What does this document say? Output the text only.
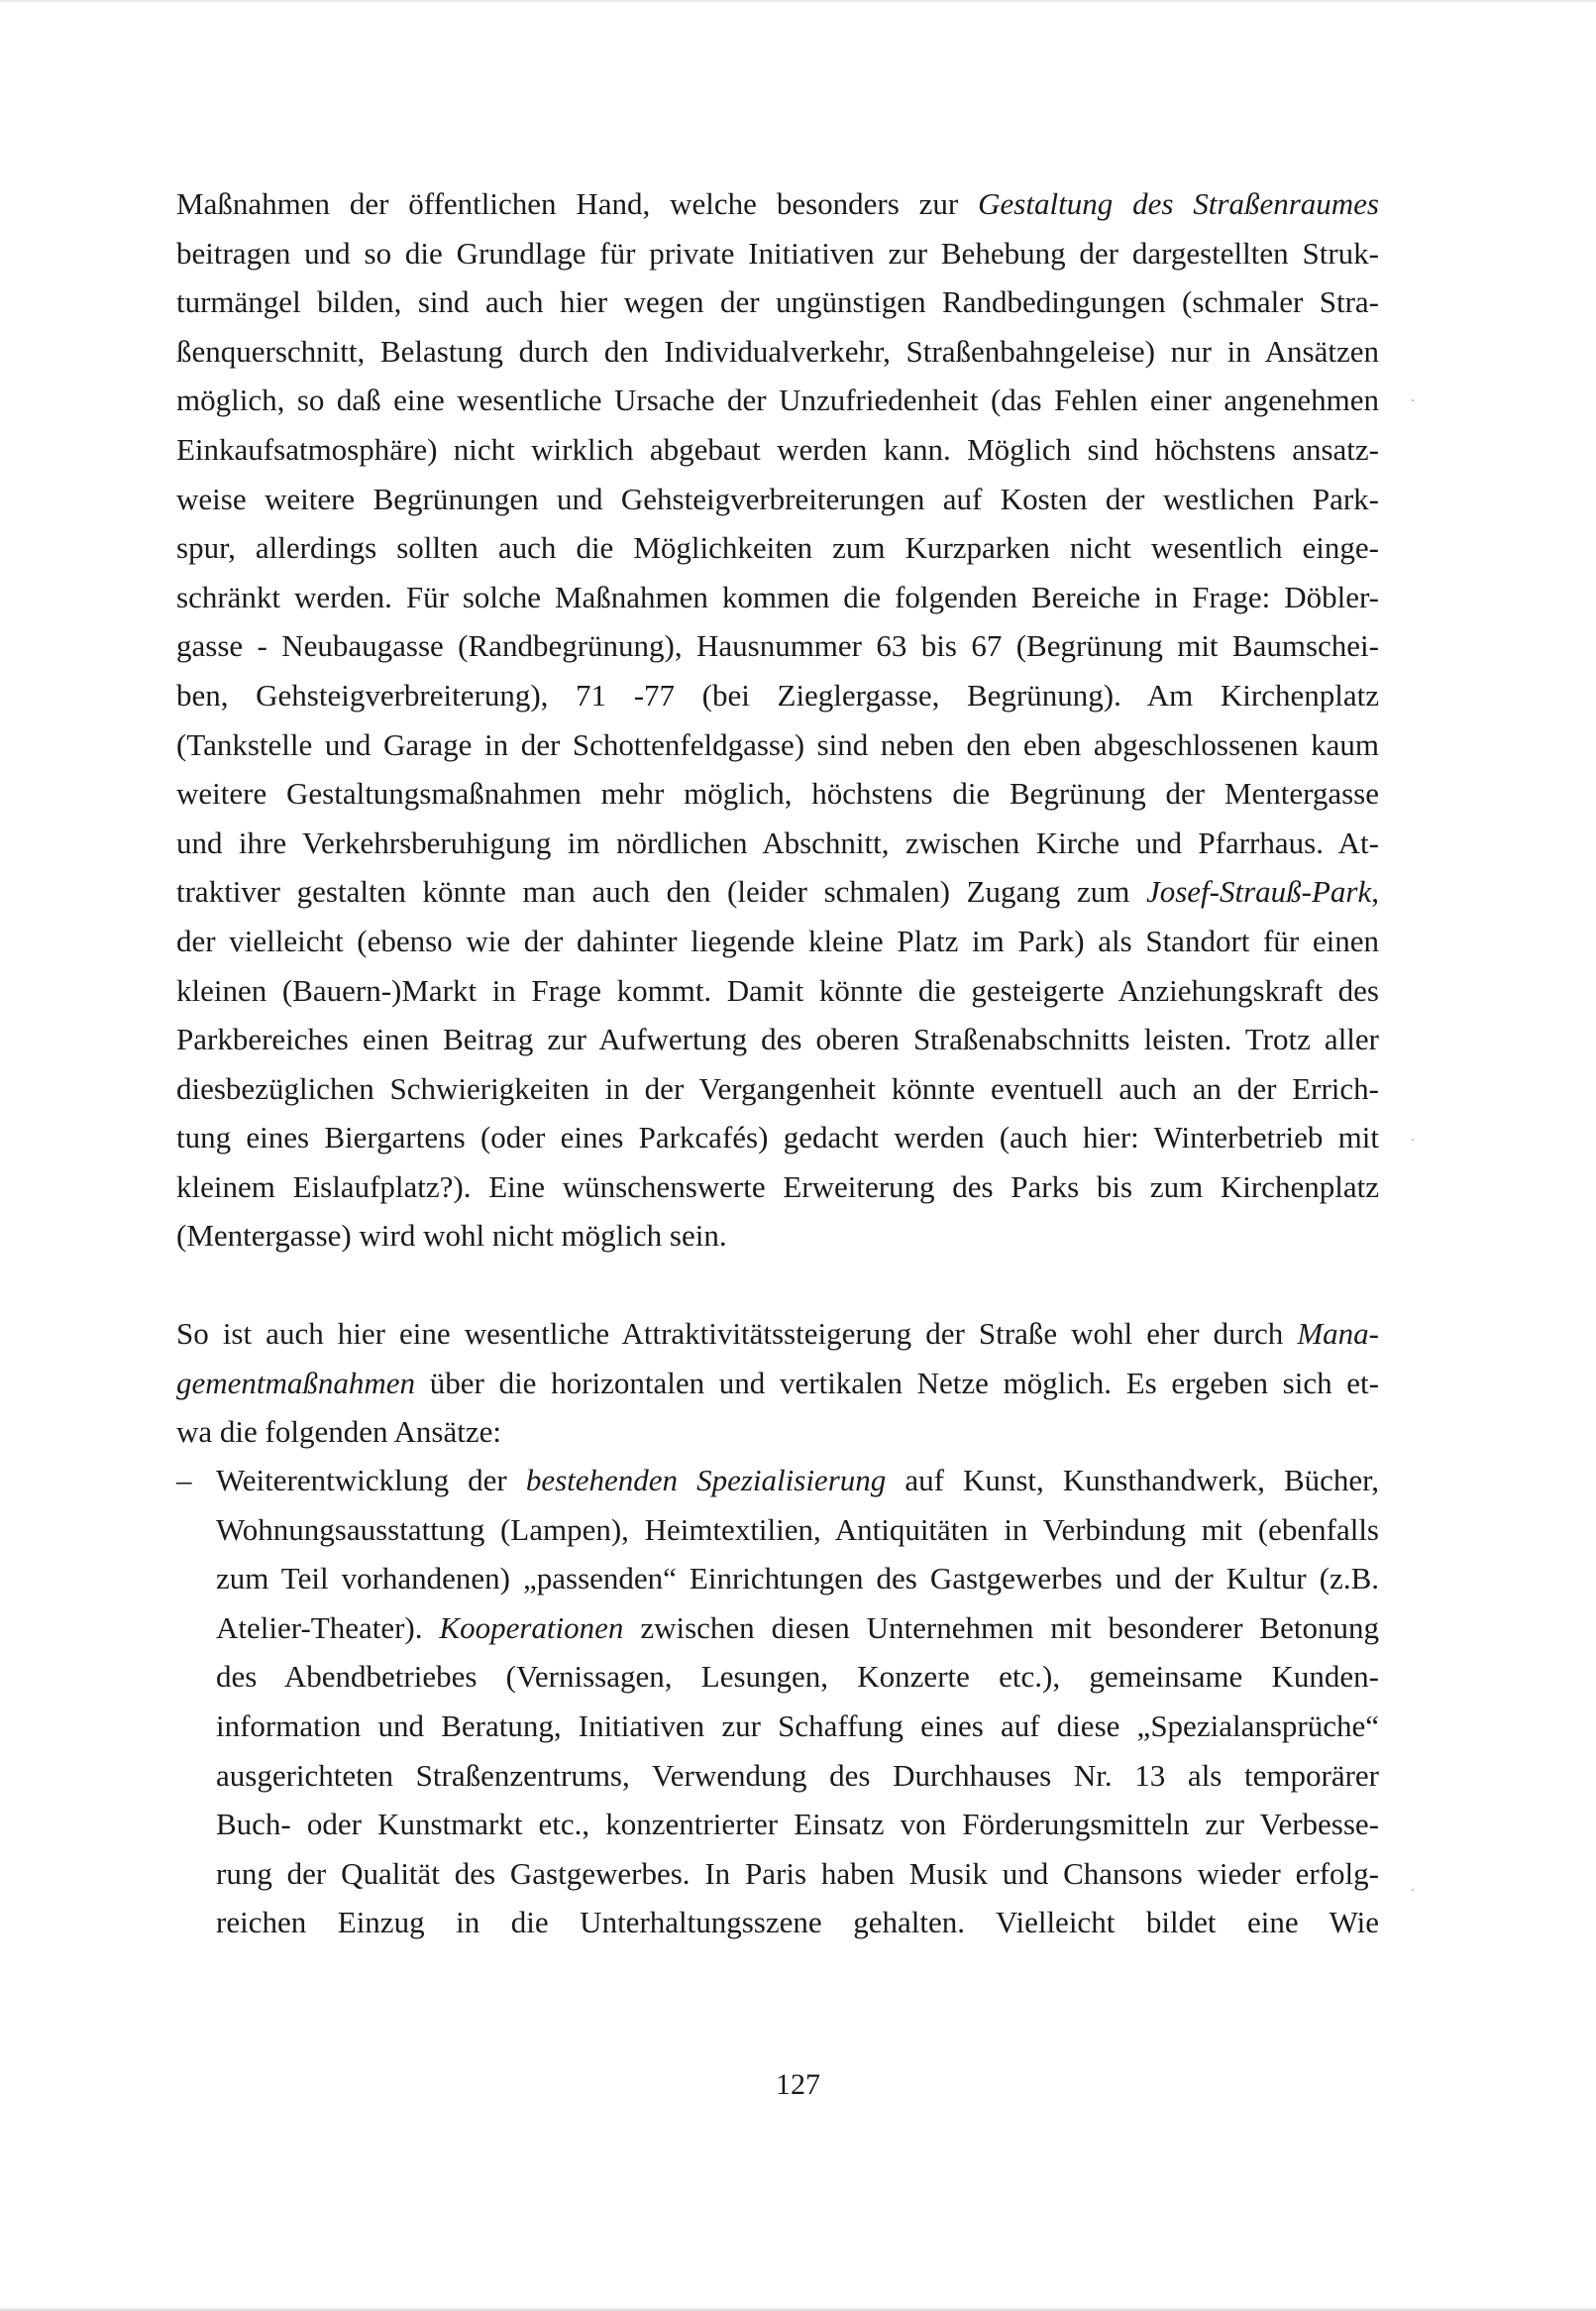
Maßnahmen der öffentlichen Hand, welche besonders zur Gestaltung des Straßenraumes
beitragen und so die Grundlage für private Initiativen zur Behebung der dargestellten Struk-
turmängel bilden, sind auch hier wegen der ungünstigen Randbedingungen (schmaler Stra-
ßenquerschnitt, Belastung durch den Individualverkehr, Straßenbahngeleise) nur in Ansätzen
möglich, so daß eine wesentliche Ursache der Unzufriedenheit (das Fehlen einer angenehmen
Einkaufsatmosphäre) nicht wirklich abgebaut werden kann. Möglich sind höchstens ansatz-
weise weitere Begrünungen und Gehsteigverbreiterungen auf Kosten der westlichen Park-
spur, allerdings sollten auch die Möglichkeiten zum Kurzparken nicht wesentlich einge-
schränkt werden. Für solche Maßnahmen kommen die folgenden Bereiche in Frage: Döbler-
gasse - Neubaugasse (Randbegrünung), Hausnummer 63 bis 67 (Begrünung mit Baumschei-
ben, Gehsteigverbreiterung), 71 -77 (bei Zieglergasse, Begrünung). Am Kirchenplatz
(Tankstelle und Garage in der Schottenfeldgasse) sind neben den eben abgeschlossenen kaum
weitere Gestaltungsmaßnahmen mehr möglich, höchstens die Begrünung der Mentergasse
und ihre Verkehrsberuhigung im nördlichen Abschnitt, zwischen Kirche und Pfarrhaus. At-
traktiver gestalten könnte man auch den (leider schmalen) Zugang zum Josef-Strauß-Park,
der vielleicht (ebenso wie der dahinter liegende kleine Platz im Park) als Standort für einen
kleinen (Bauern-)Markt in Frage kommt. Damit könnte die gesteigerte Anziehungskraft des
Parkbereiches einen Beitrag zur Aufwertung des oberen Straßenabschnitts leisten. Trotz aller
diesbezüglichen Schwierigkeiten in der Vergangenheit könnte eventuell auch an der Errich-
tung eines Biergartens (oder eines Parkcafés) gedacht werden (auch hier: Winterbetrieb mit
kleinem Eislaufplatz?). Eine wünschenswerte Erweiterung des Parks bis zum Kirchenplatz
(Mentergasse) wird wohl nicht möglich sein.
So ist auch hier eine wesentliche Attraktivitätssteigerung der Straße wohl eher durch Mana-
gementmaßnahmen über die horizontalen und vertikalen Netze möglich. Es ergeben sich et-
wa die folgenden Ansätze:
– Weiterentwicklung der bestehenden Spezialisierung auf Kunst, Kunsthandwerk, Bücher,
Wohnungsausstattung (Lampen), Heimtextilien, Antiquitäten in Verbindung mit (ebenfalls
zum Teil vorhandenen) „passenden“ Einrichtungen des Gastgewerbes und der Kultur (z.B.
Atelier-Theater). Kooperationen zwischen diesen Unternehmen mit besonderer Betonung
des Abendbetriebes (Vernissagen, Lesungen, Konzerte etc.), gemeinsame Kunden-
information und Beratung, Initiativen zur Schaffung eines auf diese „Spezialansprüche“
ausgerichteten Straßenzentrums, Verwendung des Durchhauses Nr. 13 als temporärer
Buch- oder Kunstmarkt etc., konzentrierter Einsatz von Förderungsmitteln zur Verbesse-
rung der Qualität des Gastgewerbes. In Paris haben Musik und Chansons wieder erfolg-
reichen Einzug in die Unterhaltungsszene gehalten. Vielleicht bildet eine Wie
127
